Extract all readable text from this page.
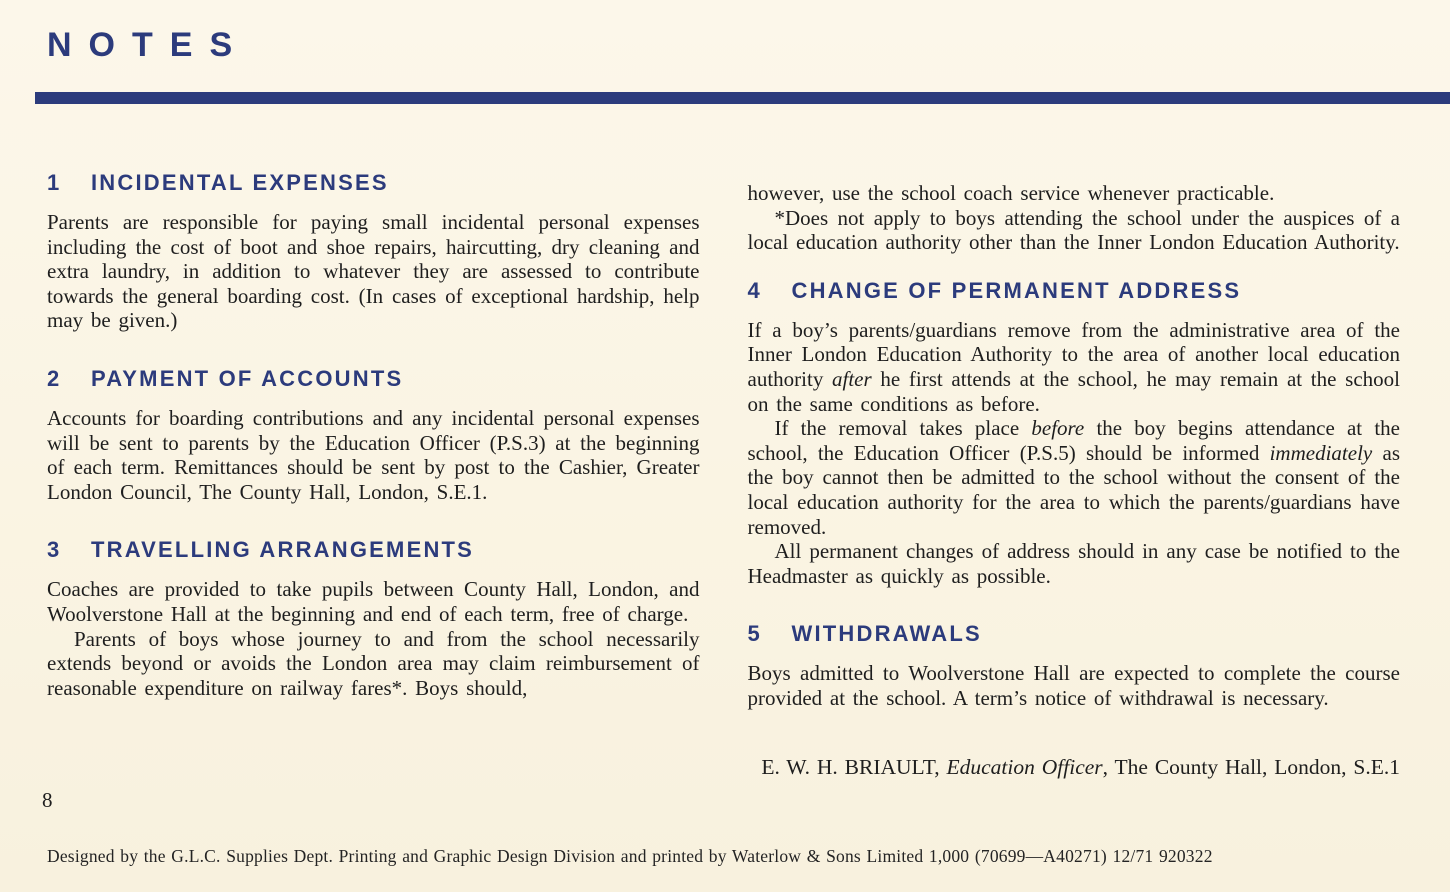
NOTES
1 INCIDENTAL EXPENSES

Parents are responsible for paying small incidental personal expenses including the cost of boot and shoe repairs, haircutting, dry cleaning and extra laundry, in addition to whatever they are assessed to contribute towards the general boarding cost. (In cases of exceptional hardship, help may be given.)

2 PAYMENT OF ACCOUNTS

Accounts for boarding contributions and any incidental personal expenses will be sent to parents by the Education Officer (P.S.3) at the beginning of each term. Remittances should be sent by post to the Cashier, Greater London Council, The County Hall, London, S.E.1.

3 TRAVELLING ARRANGEMENTS

Coaches are provided to take pupils between County Hall, London, and Woolverstone Hall at the beginning and end of each term, free of charge.

Parents of boys whose journey to and from the school necessarily extends beyond or avoids the London area may claim reimbursement of reasonable expenditure on railway fares*. Boys should,

however, use the school coach service whenever practicable.

*Does not apply to boys attending the school under the auspices of a local education authority other than the Inner London Education Authority.

4 CHANGE OF PERMANENT ADDRESS

If a boy’s parents/guardians remove from the administrative area of the Inner London Education Authority to the area of another local education authority after he first attends at the school, he may remain at the school on the same conditions as before.

If the removal takes place before the boy begins attendance at the school, the Education Officer (P.S.5) should be informed immediately as the boy cannot then be admitted to the school without the consent of the local education authority for the area to which the parents/guardians have removed.

All permanent changes of address should in any case be notified to the Headmaster as quickly as possible.

5 WITHDRAWALS

Boys admitted to Woolverstone Hall are expected to complete the course provided at the school. A term’s notice of withdrawal is necessary.

E. W. H. BRIAULT, Education Officer, The County Hall, London, S.E.1
8
Designed by the G.L.C. Supplies Dept. Printing and Graphic Design Division and printed by Waterlow & Sons Limited 1,000 (70699—A40271) 12/71 920322
